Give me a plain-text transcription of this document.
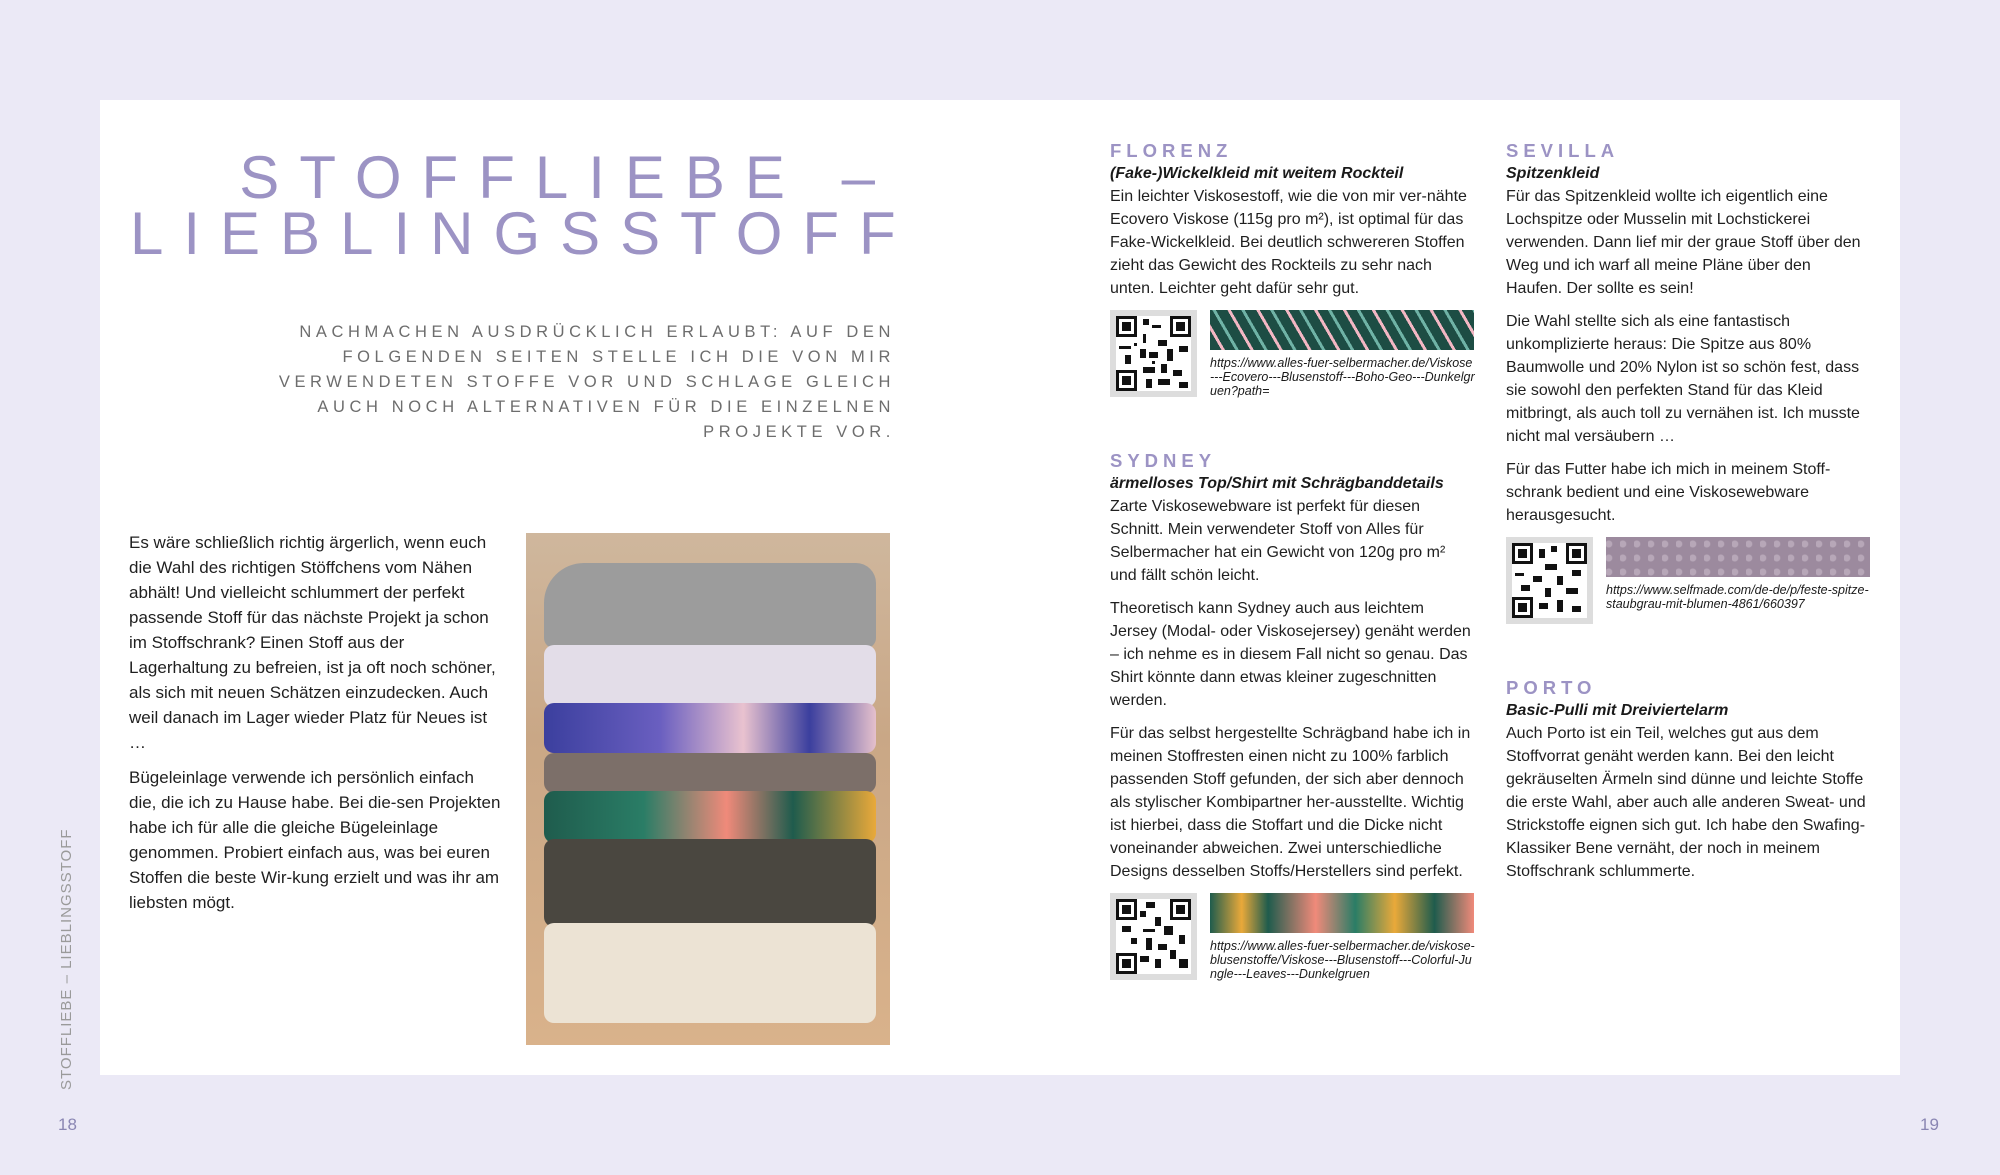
STOFFLIEBE –
LIEBLINGSSTOFF
NACHMACHEN AUSDRÜCKLICH ERLAUBT: AUF DEN FOLGENDEN SEITEN STELLE ICH DIE VON MIR VERWENDETEN STOFFE VOR UND SCHLAGE GLEICH AUCH NOCH ALTERNATIVEN FÜR DIE EINZELNEN PROJEKTE VOR.

Es wäre schließlich richtig ärgerlich, wenn euch die Wahl des richtigen Stöffchens vom Nähen abhält! Und vielleicht schlummert der perfekt passende Stoff für das nächste Projekt ja schon im Stoffschrank? Einen Stoff aus der Lagerhaltung zu befreien, ist ja oft noch schöner, als sich mit neuen Schätzen einzudecken. Auch weil danach im Lager wieder Platz für Neues ist …

Bügeleinlage verwende ich persönlich einfach die, die ich zu Hause habe. Bei die-sen Projekten habe ich für alle die gleiche Bügeleinlage genommen. Probiert einfach aus, was bei euren Stoffen die beste Wir-kung erzielt und was ihr am liebsten mögt.

STOFFLIEBE – LIEBLINGSSTOFF
18	19
FLORENZ
(Fake-)Wickelkleid mit weitem Rockteil

Ein leichter Viskosestoff, wie die von mir ver-nähte Ecovero Viskose (115g pro m²), ist optimal für das Fake-Wickelkleid. Bei deutlich schwereren Stoffen zieht das Gewicht des Rockteils zu sehr nach unten. Leichter geht dafür sehr gut.

https://www.alles-fuer-selbermacher.de/Viskose---Ecovero---Blusenstoff---Boho-Geo---Dunkelgruen?path=
SYDNEY
ärmelloses Top/Shirt mit Schrägbanddetails

Zarte Viskosewebware ist perfekt für diesen Schnitt. Mein verwendeter Stoff von Alles für Selbermacher hat ein Gewicht von 120g pro m² und fällt schön leicht.

Theoretisch kann Sydney auch aus leichtem Jersey (Modal- oder Viskosejersey) genäht werden – ich nehme es in diesem Fall nicht so genau. Das Shirt könnte dann etwas kleiner zugeschnitten werden.

Für das selbst hergestellte Schrägband habe ich in meinen Stoffresten einen nicht zu 100% farblich passenden Stoff gefunden, der sich aber dennoch als stylischer Kombipartner her-ausstellte. Wichtig ist hierbei, dass die Stoffart und die Dicke nicht voneinander abweichen. Zwei unterschiedliche Designs desselben Stoffs/Herstellers sind perfekt.

https://www.alles-fuer-selbermacher.de/viskose-blusenstoffe/Viskose---Blusenstoff---Colorful-Jungle---Leaves---Dunkelgruen
SEVILLA
Spitzenkleid

Für das Spitzenkleid wollte ich eigentlich eine Lochspitze oder Musselin mit Lochstickerei verwenden. Dann lief mir der graue Stoff über den Weg und ich warf all meine Pläne über den Haufen. Der sollte es sein!

Die Wahl stellte sich als eine fantastisch unkomplizierte heraus: Die Spitze aus 80% Baumwolle und 20% Nylon ist so schön fest, dass sie sowohl den perfekten Stand für das Kleid mitbringt, als auch toll zu vernähen ist. Ich musste nicht mal versäubern …

Für das Futter habe ich mich in meinem Stoff-schrank bedient und eine Viskosewebware herausgesucht.

https://www.selfmade.com/de-de/p/feste-spitze-staubgrau-mit-blumen-4861/660397
PORTO
Basic-Pulli mit Dreiviertelarm

Auch Porto ist ein Teil, welches gut aus dem Stoffvorrat genäht werden kann. Bei den leicht gekräuselten Ärmeln sind dünne und leichte Stoffe die erste Wahl, aber auch alle anderen Sweat- und Strickstoffe eignen sich gut. Ich habe den Swafing-Klassiker Bene vernäht, der noch in meinem Stoffschrank schlummerte.
